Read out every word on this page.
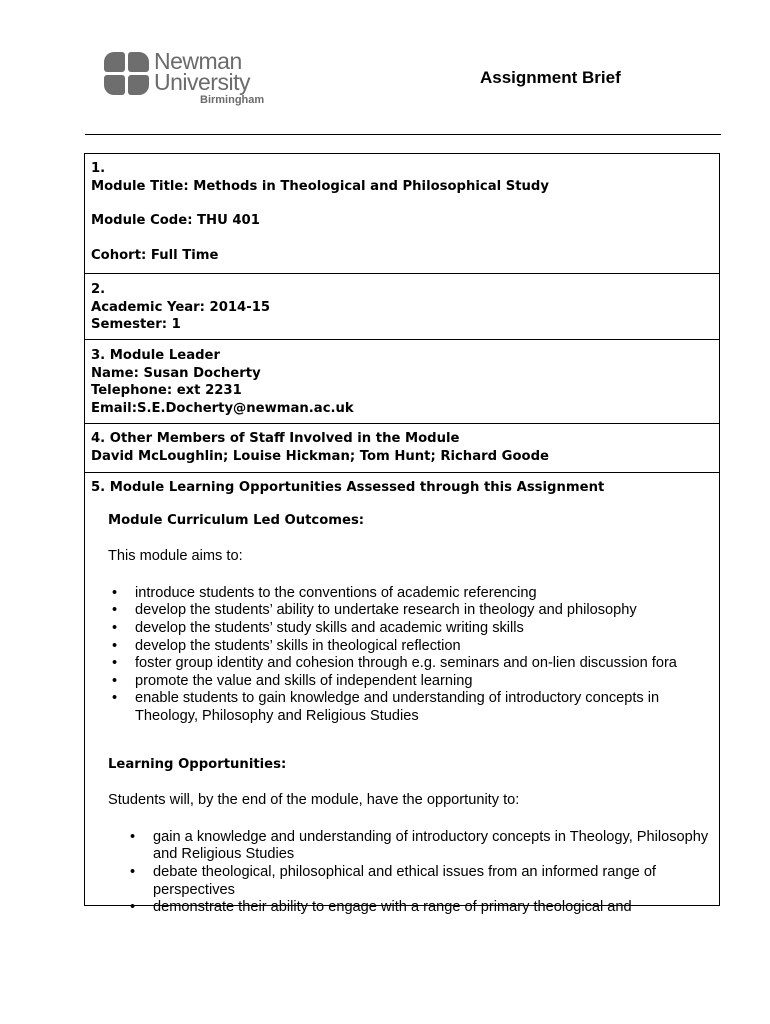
Newman
University
Birmingham
Assignment Brief
1.
Module Title: Methods in Theological and Philosophical Study
Module Code: THU 401
Cohort: Full Time
2.
Academic Year: 2014-15
Semester: 1
3. Module Leader
Name: Susan Docherty
Telephone: ext 2231
Email:S.E.Docherty@newman.ac.uk
4. Other Members of Staff Involved in the Module
David McLoughlin; Louise Hickman; Tom Hunt; Richard Goode
5. Module Learning Opportunities Assessed through this Assignment
Module Curriculum Led Outcomes:
This module aims to:
• introduce students to the conventions of academic referencing
• develop the students’ ability to undertake research in theology and philosophy
• develop the students’ study skills and academic writing skills
• develop the students’ skills in theological reflection
• foster group identity and cohesion through e.g. seminars and on-lien discussion fora
• promote the value and skills of independent learning
• enable students to gain knowledge and understanding of introductory concepts in Theology, Philosophy and Religious Studies
Learning Opportunities:
Students will, by the end of the module, have the opportunity to:
• gain a knowledge and understanding of introductory concepts in Theology, Philosophy and Religious Studies
• debate theological, philosophical and ethical issues from an informed range of perspectives
• demonstrate their ability to engage with a range of primary theological and
